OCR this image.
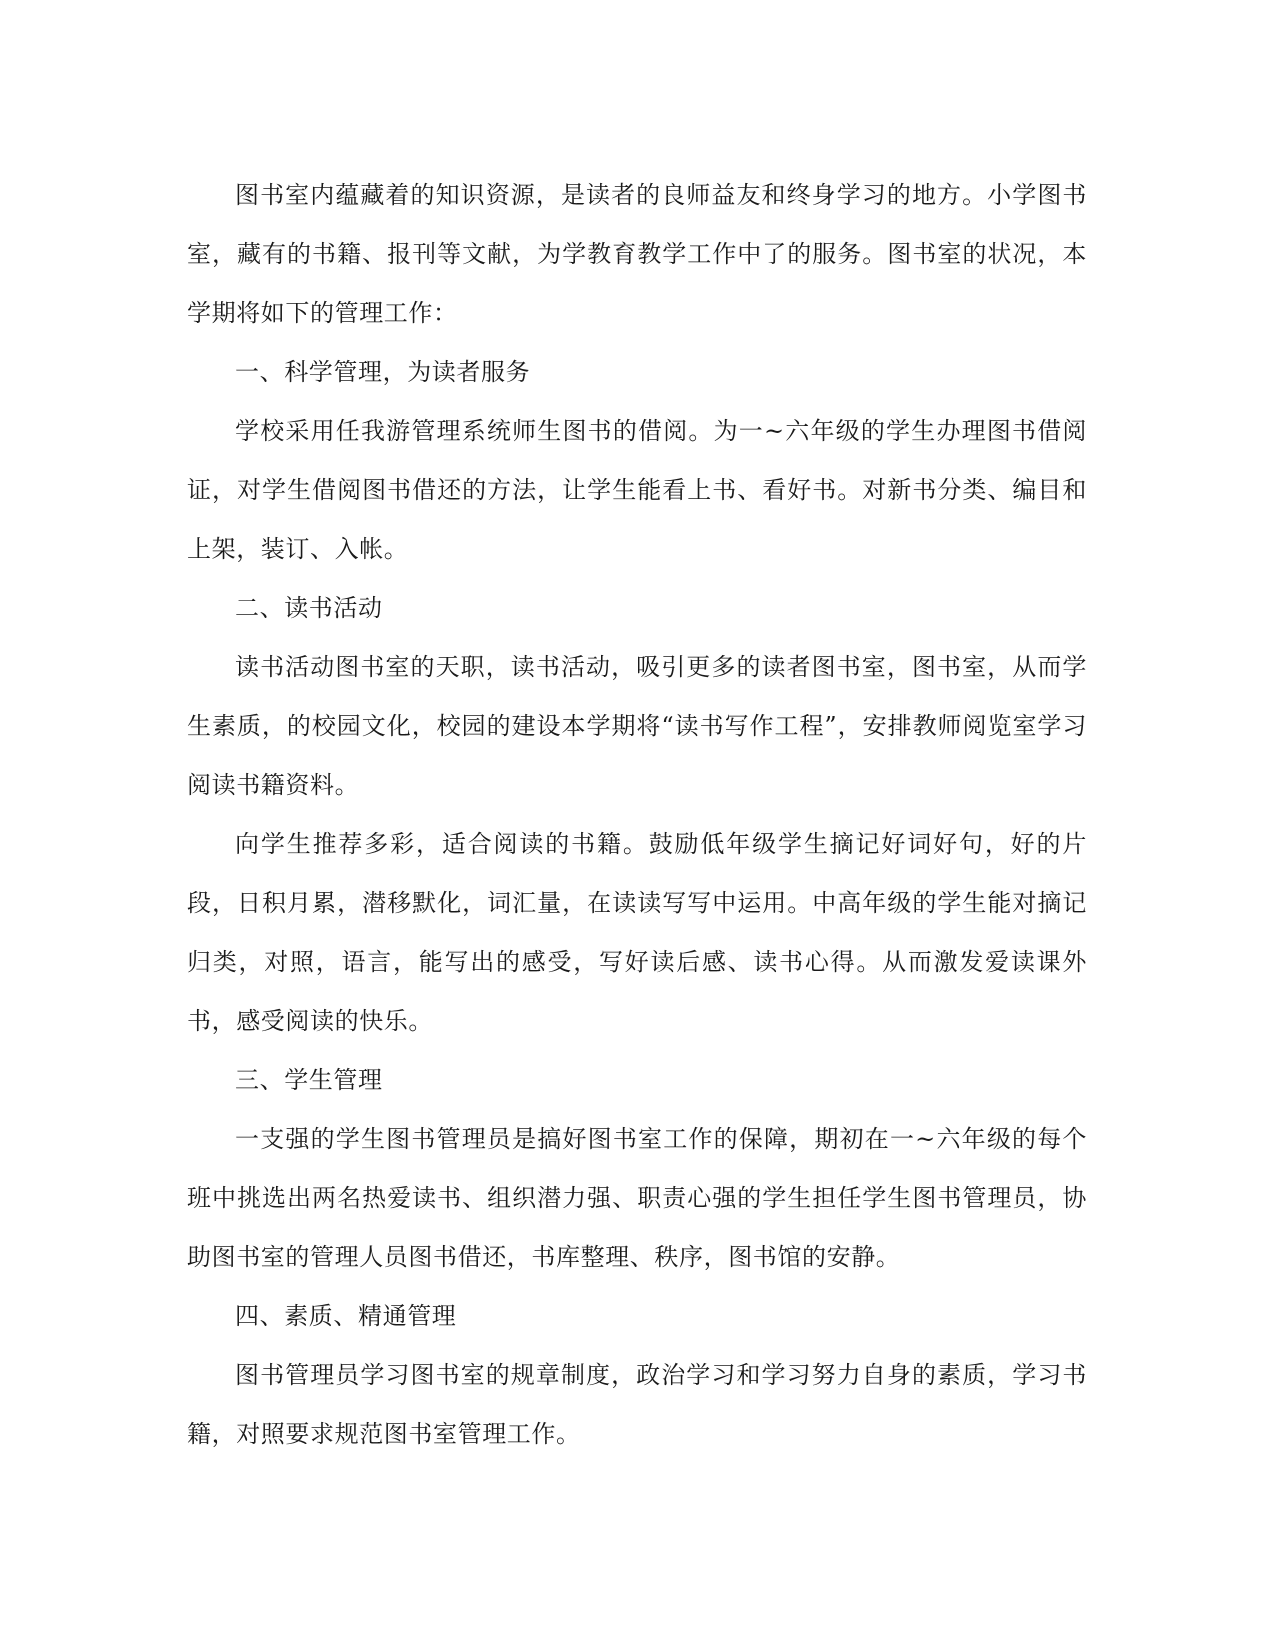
图书室内蕴藏着的知识资源，是读者的良师益友和终身学习的地方。小学图书室，藏有的书籍、报刊等文献，为学教育教学工作中了的服务。图书室的状况，本学期将如下的管理工作：

一、科学管理，为读者服务

学校采用任我游管理系统师生图书的借阅。为一~六年级的学生办理图书借阅证，对学生借阅图书借还的方法，让学生能看上书、看好书。对新书分类、编目和上架，装订、入帐。

二、读书活动

读书活动图书室的天职，读书活动，吸引更多的读者图书室，图书室，从而学生素质，的校园文化，校园的建设本学期将“读书写作工程”，安排教师阅览室学习阅读书籍资料。

向学生推荐多彩，适合阅读的书籍。鼓励低年级学生摘记好词好句，好的片段，日积月累，潜移默化，词汇量，在读读写写中运用。中高年级的学生能对摘记归类，对照，语言，能写出的感受，写好读后感、读书心得。从而激发爱读课外书，感受阅读的快乐。

三、学生管理

一支强的学生图书管理员是搞好图书室工作的保障，期初在一~六年级的每个班中挑选出两名热爱读书、组织潜力强、职责心强的学生担任学生图书管理员，协助图书室的管理人员图书借还，书库整理、秩序，图书馆的安静。

四、素质、精通管理

图书管理员学习图书室的规章制度，政治学习和学习努力自身的素质，学习书籍，对照要求规范图书室管理工作。
